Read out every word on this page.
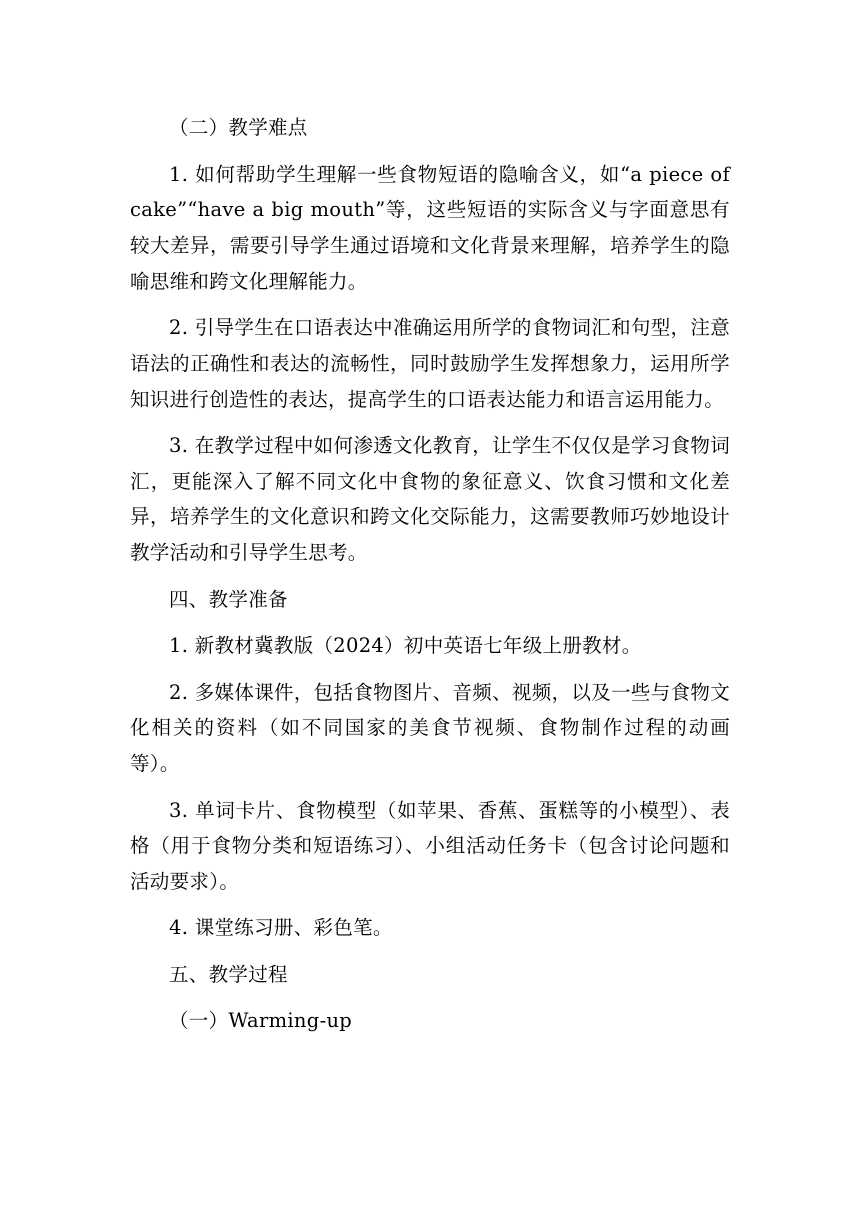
（二）教学难点

1. 如何帮助学生理解一些食物短语的隐喻含义，如“a piece of cake”“have a big mouth”等，这些短语的实际含义与字面意思有较大差异，需要引导学生通过语境和文化背景来理解，培养学生的隐喻思维和跨文化理解能力。

2. 引导学生在口语表达中准确运用所学的食物词汇和句型，注意语法的正确性和表达的流畅性，同时鼓励学生发挥想象力，运用所学知识进行创造性的表达，提高学生的口语表达能力和语言运用能力。

3. 在教学过程中如何渗透文化教育，让学生不仅仅是学习食物词汇，更能深入了解不同文化中食物的象征意义、饮食习惯和文化差异，培养学生的文化意识和跨文化交际能力，这需要教师巧妙地设计教学活动和引导学生思考。

四、教学准备

1. 新教材冀教版（2024）初中英语七年级上册教材。

2. 多媒体课件，包括食物图片、音频、视频，以及一些与食物文化相关的资料（如不同国家的美食节视频、食物制作过程的动画等）。

3. 单词卡片、食物模型（如苹果、香蕉、蛋糕等的小模型）、表格（用于食物分类和短语练习）、小组活动任务卡（包含讨论问题和活动要求）。

4. 课堂练习册、彩色笔。

五、教学过程

（一）Warming-up
